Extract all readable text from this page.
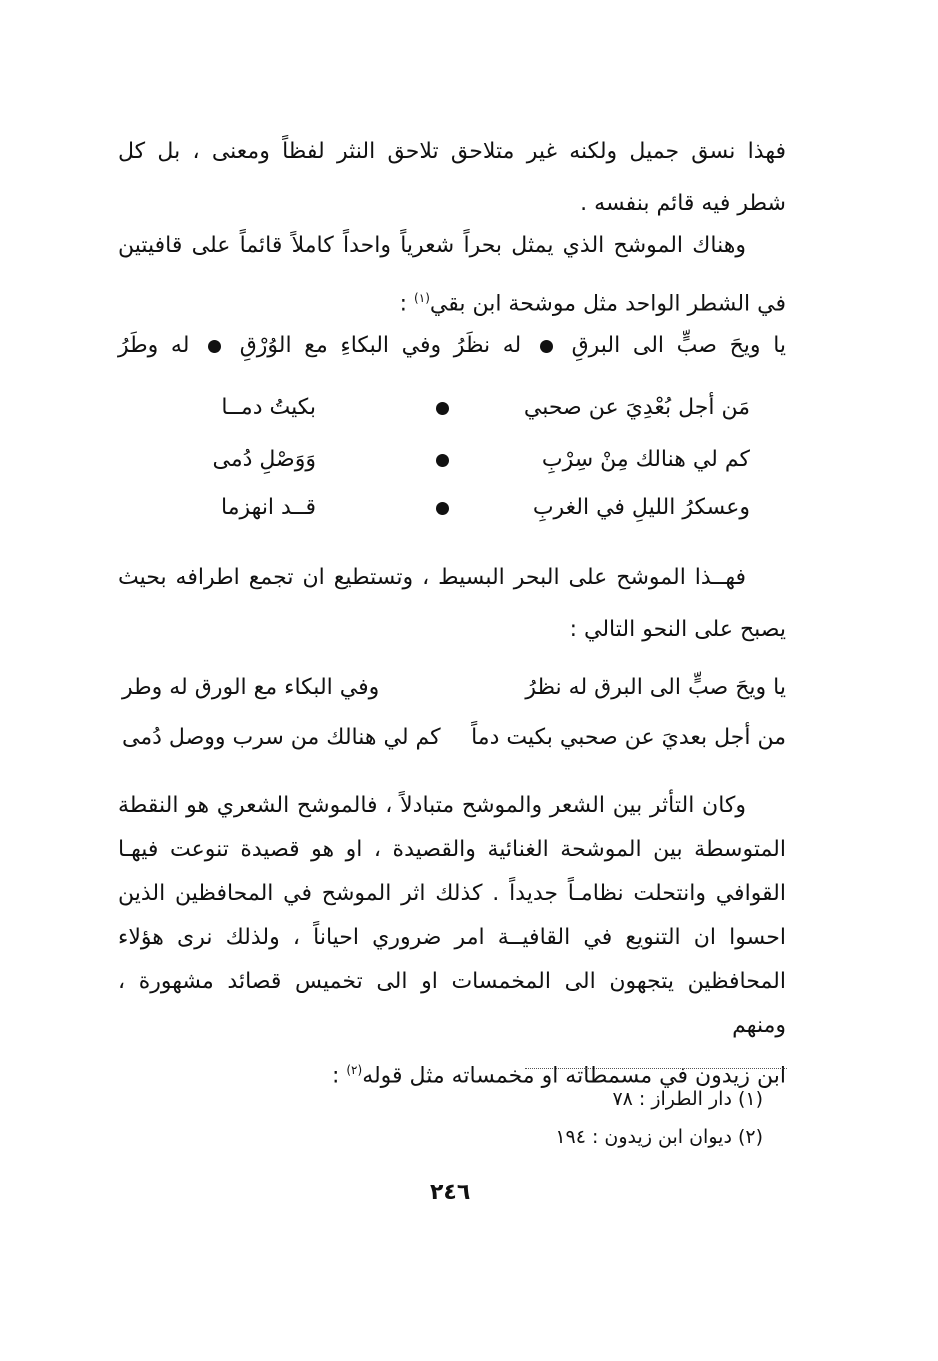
فهذا نسق جميل ولكنه غير متلاحق تلاحق النثر لفظاً ومعنى ، بل كل
شطر فيه قائم بنفسه .
وهناك الموشح الذي يمثل بحراً شعرياً واحداً كاملاً قائماً على قافيتين
في الشطر الواحد مثل موشحة ابن بقي$^{(١)}$ :
يا ويحَ صبٍّ الى البرقِ  له نظَرُ وفي البكاءِ مع الوُرْقِ  له وطَرُ
مَن أجل بُعْدِيَ عن صحبي
بكيتُ دمــا
كم لي هنالك مِنْ سِرْبِ
وَوَصْلِ دُمى
وعسكرُ الليلِ في الغربِ
قــد انهزما
فهــذا الموشح على البحر البسيط ، وتستطيع ان تجمع اطرافه بحيث
يصبح على النحو التالي :
يا ويحَ صبٍّ الى البرق له نظرُ
وفي البكاء مع الورق له وطر
من أجل بعديَ عن صحبي بكيت دماً
كم لي هنالك من سرب ووصل دُمى
وكان التأثر بين الشعر والموشح متبادلاً ، فالموشح الشعري هو النقطة
المتوسطة بين الموشحة الغنائية والقصيدة ، او هو قصيدة تنوعت فيهـا
القوافي وانتحلت نظامـاً جديداً . كذلك اثر الموشح في المحافظين الذين
احسوا ان التنويع في القافيــة امر ضروري احياناً ، ولذلك نرى هؤلاء
المحافظين يتجهون الى المخمسات او الى تخميس قصائد مشهورة ، ومنهم
ابن زيدون في مسمطاته او مخمساته مثل قوله$^{(٢)}$ :
(١) دار الطراز : ٧٨
(٢) ديوان ابن زيدون : ١٩٤
٢٤٦
